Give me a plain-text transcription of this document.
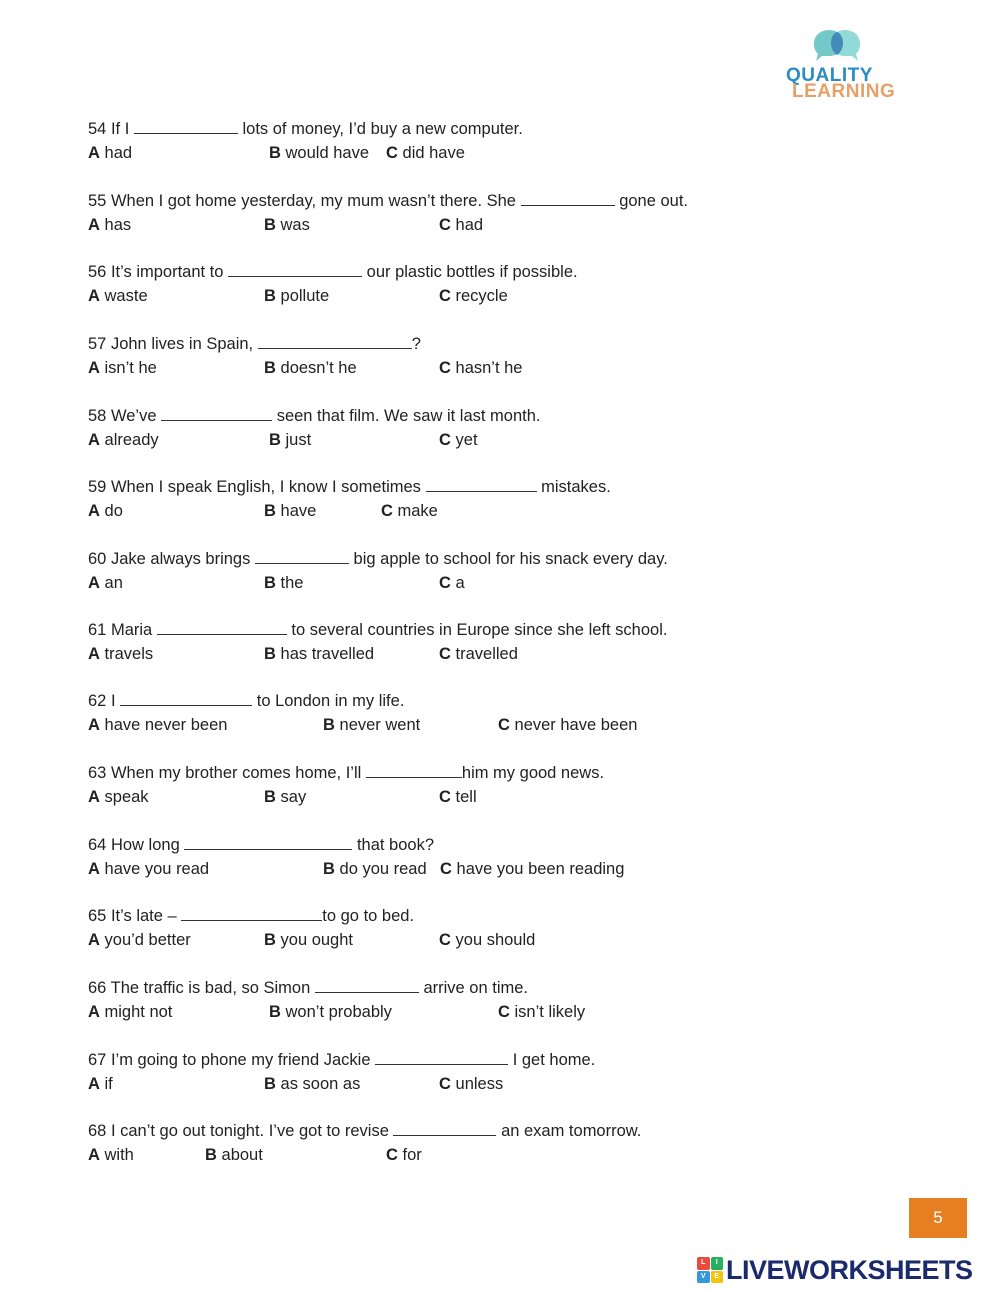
QUALITY
LEARNING
54 If I	lots of money, I’d buy a new computer.
A had	B would have C did have
55 When I got home yesterday, my mum wasn’t there. She	gone out.
A has	B was	C had
56 It’s important to	our plastic bottles if possible.
A waste	B pollute	C recycle
57 John lives in Spain,	?
A isn’t he	B doesn’t he	C hasn’t he
58 We’ve	seen that film. We saw it last month.
A already	B just	C yet
59 When I speak English, I know I sometimes	mistakes.
A do	B have	C make
60 Jake always brings	big apple to school for his snack every day.
A an	B the	C a
61 Maria	to several countries in Europe since she left school.
A travels	B has travelled	C travelled
62 I	to London in my life.
A have never been	B never went	C never have been
63 When my brother comes home, I’ll	him my good news.
A speak	B say	C tell
64 How long	that book?
A have you read	B do you read C have you been reading
65 It’s late –	to go to bed.
A you’d better	B you ought	C you should
66 The traffic is bad, so Simon	arrive on time.
A might not	B won’t probably	C isn’t likely
67 I’m going to phone my friend Jackie	I get home.
A if	B as soon as	C unless
68 I can’t go out tonight. I’ve got to revise	an exam tomorrow.
A with	B about	C for
5
L	I
V	E LIVEWORKSHEETS
